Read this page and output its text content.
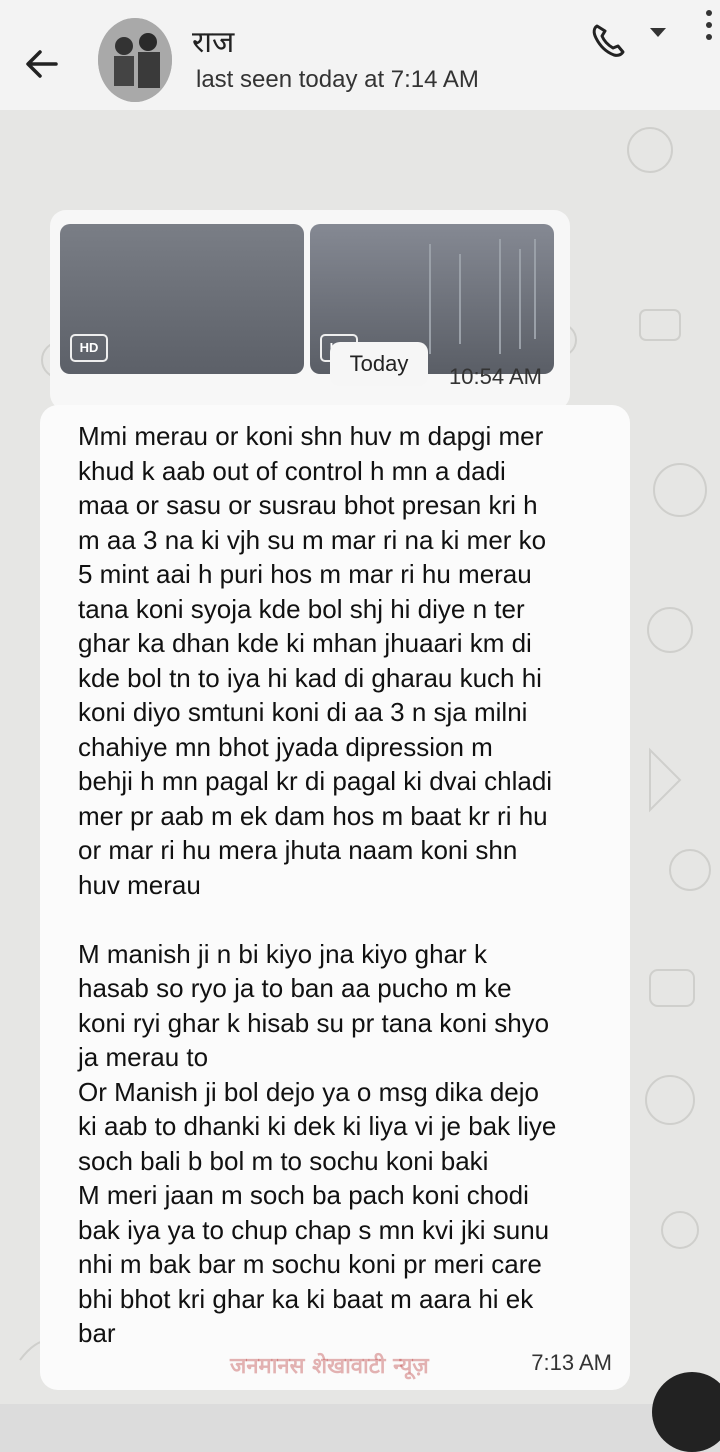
राज
last seen today at 7:14 AM
HD
10:54 AM
Today
Mmi merau or koni shn huv m dapgi mer
khud k aab out of control h mn a dadi
maa or sasu or susrau bhot presan kri h
m aa 3 na ki vjh su m mar ri na ki mer ko
5 mint aai h puri hos m mar ri hu merau
tana koni syoja kde bol shj hi diye n ter
ghar ka dhan kde ki mhan jhuaari km di
kde bol tn to iya hi kad di gharau kuch hi
koni diyo smtuni koni di aa 3 n sja milni
chahiye mn bhot jyada dipression m
behji h mn pagal kr di pagal ki dvai chladi
mer pr aab m ek dam hos m baat kr ri hu
or mar ri hu mera jhuta naam koni shn
huv merau

M manish ji n bi kiyo jna kiyo ghar k
hasab so ryo ja to ban aa pucho m ke
koni ryi ghar k hisab su pr tana koni shyo
ja merau to
Or Manish ji bol dejo ya o msg dika dejo
ki aab to dhanki ki dek ki liya vi je bak liye
soch bali b bol m to sochu koni baki
M meri jaan m soch ba pach koni chodi
bak iya ya to chup chap s mn kvi jki sunu
nhi m bak bar m sochu koni pr meri care
bhi bhot kri ghar ka ki baat m aara hi ek
bar
7:13 AM
जनमानस शेखावाटी न्यूज़
